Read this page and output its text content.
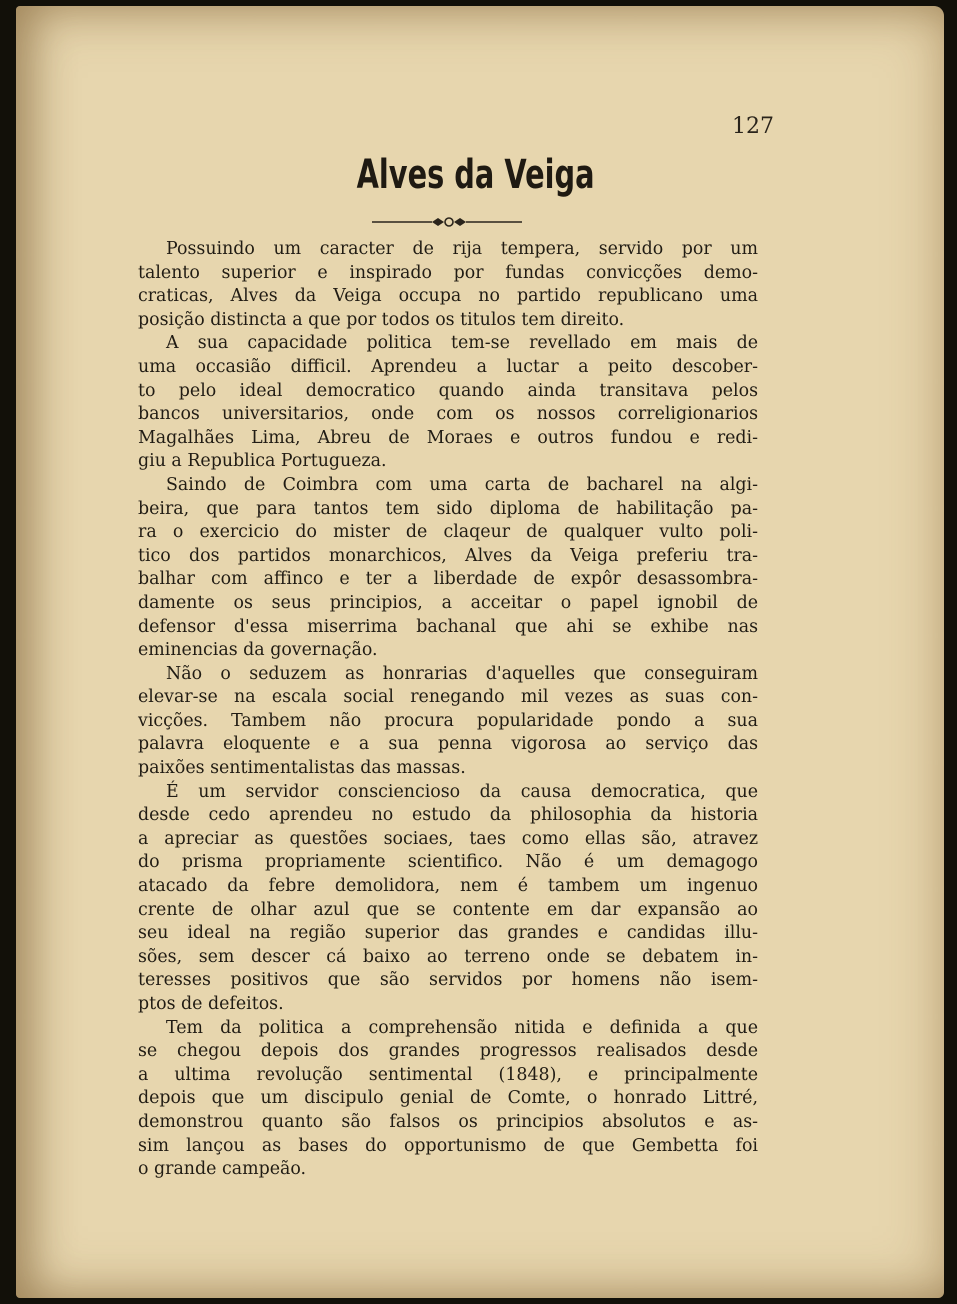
127

Alves da Veiga
Possuindo um caracter de rija tempera, servido por um
talento superior e inspirado por fundas convicções demo-
craticas, Alves da Veiga occupa no partido republicano uma
posição distincta a que por todos os titulos tem direito.
A sua capacidade politica tem-se revellado em mais de
uma occasião difficil. Aprendeu a luctar a peito descober-
to pelo ideal democratico quando ainda transitava pelos
bancos universitarios, onde com os nossos correligionarios
Magalhães Lima, Abreu de Moraes e outros fundou e redi-
giu a Republica Portugueza.
Saindo de Coimbra com uma carta de bacharel na algi-
beira, que para tantos tem sido diploma de habilitação pa-
ra o exercicio do mister de claqeur de qualquer vulto poli-
tico dos partidos monarchicos, Alves da Veiga preferiu tra-
balhar com affinco e ter a liberdade de expôr desassombra-
damente os seus principios, a acceitar o papel ignobil de
defensor d'essa miserrima bachanal que ahi se exhibe nas
eminencias da governação.
Não o seduzem as honrarias d'aquelles que conseguiram
elevar-se na escala social renegando mil vezes as suas con-
vicções. Tambem não procura popularidade pondo a sua
palavra eloquente e a sua penna vigorosa ao serviço das
paixões sentimentalistas das massas.
É um servidor consciencioso da causa democratica, que
desde cedo aprendeu no estudo da philosophia da historia
a apreciar as questões sociaes, taes como ellas são, atravez
do prisma propriamente scientifico. Não é um demagogo
atacado da febre demolidora, nem é tambem um ingenuo
crente de olhar azul que se contente em dar expansão ao
seu ideal na região superior das grandes e candidas illu-
sões, sem descer cá baixo ao terreno onde se debatem in-
teresses positivos que são servidos por homens não isem-
ptos de defeitos.
Tem da politica a comprehensão nitida e definida a que
se chegou depois dos grandes progressos realisados desde
a ultima revolução sentimental (1848), e principalmente
depois que um discipulo genial de Comte, o honrado Littré,
demonstrou quanto são falsos os principios absolutos e as-
sim lançou as bases do opportunismo de que Gembetta foi
o grande campeão.
